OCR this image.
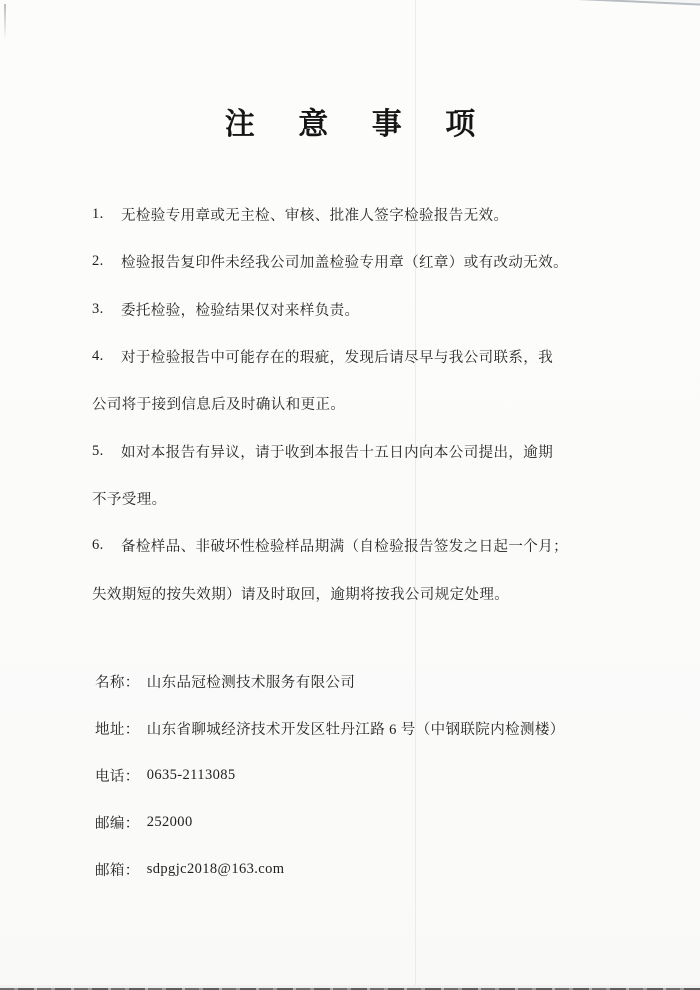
注 意 事 项
1.	无检验专用章或无主检、审核、批准人签字检验报告无效。
2.	检验报告复印件未经我公司加盖检验专用章（红章）或有改动无效。
3.	委托检验，检验结果仅对来样负责。
4.	对于检验报告中可能存在的瑕疵，发现后请尽早与我公司联系，我
公司将于接到信息后及时确认和更正。
5.	如对本报告有异议，请于收到本报告十五日内向本公司提出，逾期
不予受理。
6.	备检样品、非破坏性检验样品期满（自检验报告签发之日起一个月；
失效期短的按失效期）请及时取回，逾期将按我公司规定处理。
名称： 山东品冠检测技术服务有限公司
地址： 山东省聊城经济技术开发区牡丹江路 6 号（中钢联院内检测楼）
电话： 0635-2113085
邮编： 252000
邮箱： sdpgjc2018@163.com
